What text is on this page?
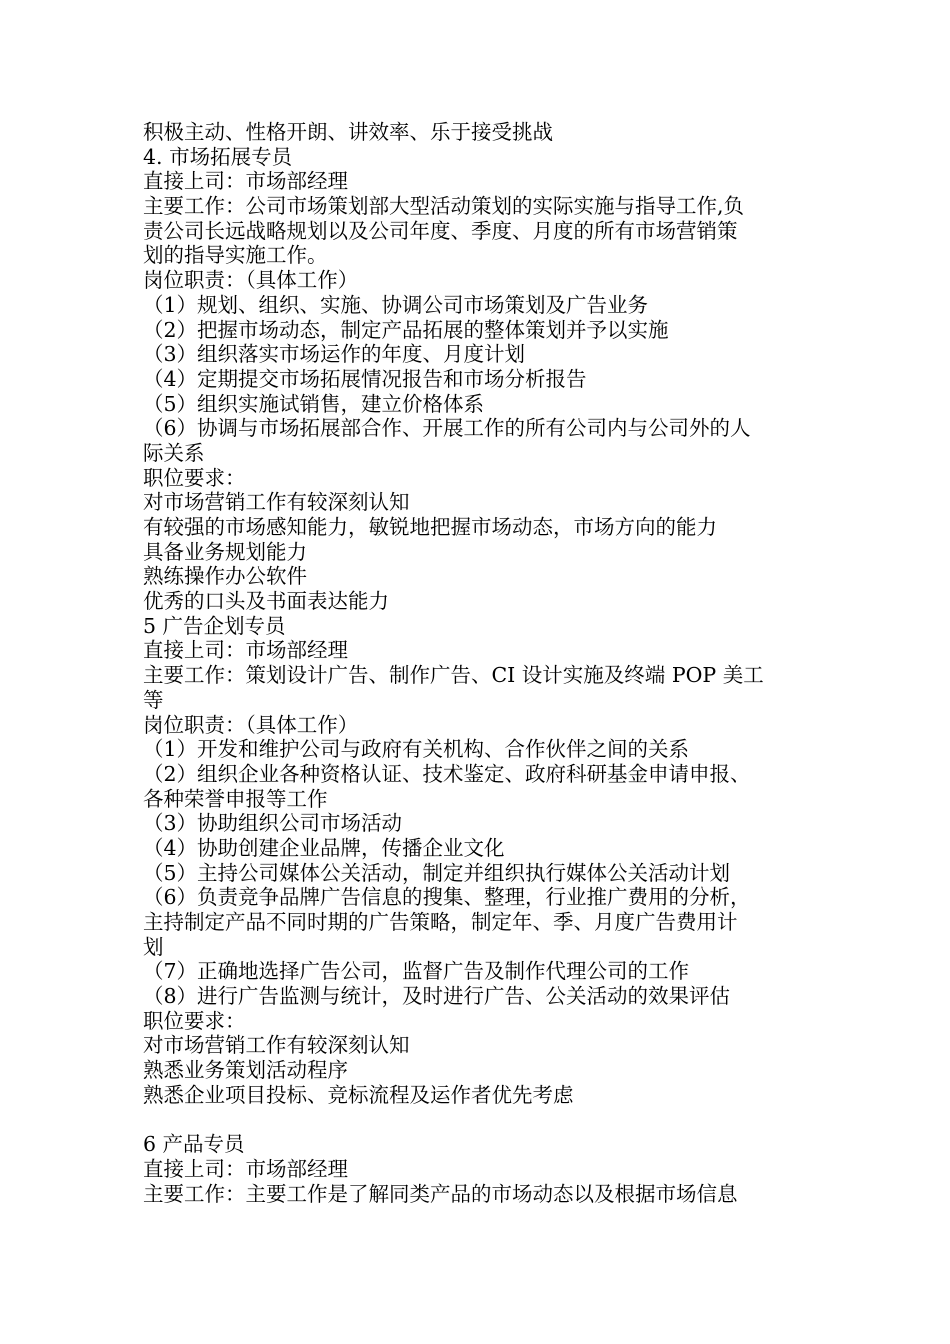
积极主动、性格开朗、讲效率、乐于接受挑战
4. 市场拓展专员
直接上司：市场部经理
主要工作：公司市场策划部大型活动策划的实际实施与指导工作,负
责公司长远战略规划以及公司年度、季度、月度的所有市场营销策
划的指导实施工作。
岗位职责：（具体工作）
（1）规划、组织、实施、协调公司市场策划及广告业务
（2）把握市场动态，制定产品拓展的整体策划并予以实施
（3）组织落实市场运作的年度、月度计划
（4）定期提交市场拓展情况报告和市场分析报告
（5）组织实施试销售，建立价格体系
（6）协调与市场拓展部合作、开展工作的所有公司内与公司外的人
际关系
职位要求：
对市场营销工作有较深刻认知
有较强的市场感知能力，敏锐地把握市场动态，市场方向的能力
具备业务规划能力
熟练操作办公软件
优秀的口头及书面表达能力
5 广告企划专员
直接上司：市场部经理
主要工作：策划设计广告、制作广告、CI 设计实施及终端 POP 美工
等
岗位职责：（具体工作）
（1）开发和维护公司与政府有关机构、合作伙伴之间的关系
（2）组织企业各种资格认证、技术鉴定、政府科研基金申请申报、
各种荣誉申报等工作
（3）协助组织公司市场活动
（4）协助创建企业品牌，传播企业文化
（5）主持公司媒体公关活动，制定并组织执行媒体公关活动计划
（6）负责竞争品牌广告信息的搜集、整理，行业推广费用的分析，
主持制定产品不同时期的广告策略，制定年、季、月度广告费用计
划
（7）正确地选择广告公司，监督广告及制作代理公司的工作
（8）进行广告监测与统计，及时进行广告、公关活动的效果评估
职位要求：
对市场营销工作有较深刻认知
熟悉业务策划活动程序
熟悉企业项目投标、竞标流程及运作者优先考虑
6 产品专员
直接上司：市场部经理
主要工作：主要工作是了解同类产品的市场动态以及根据市场信息
